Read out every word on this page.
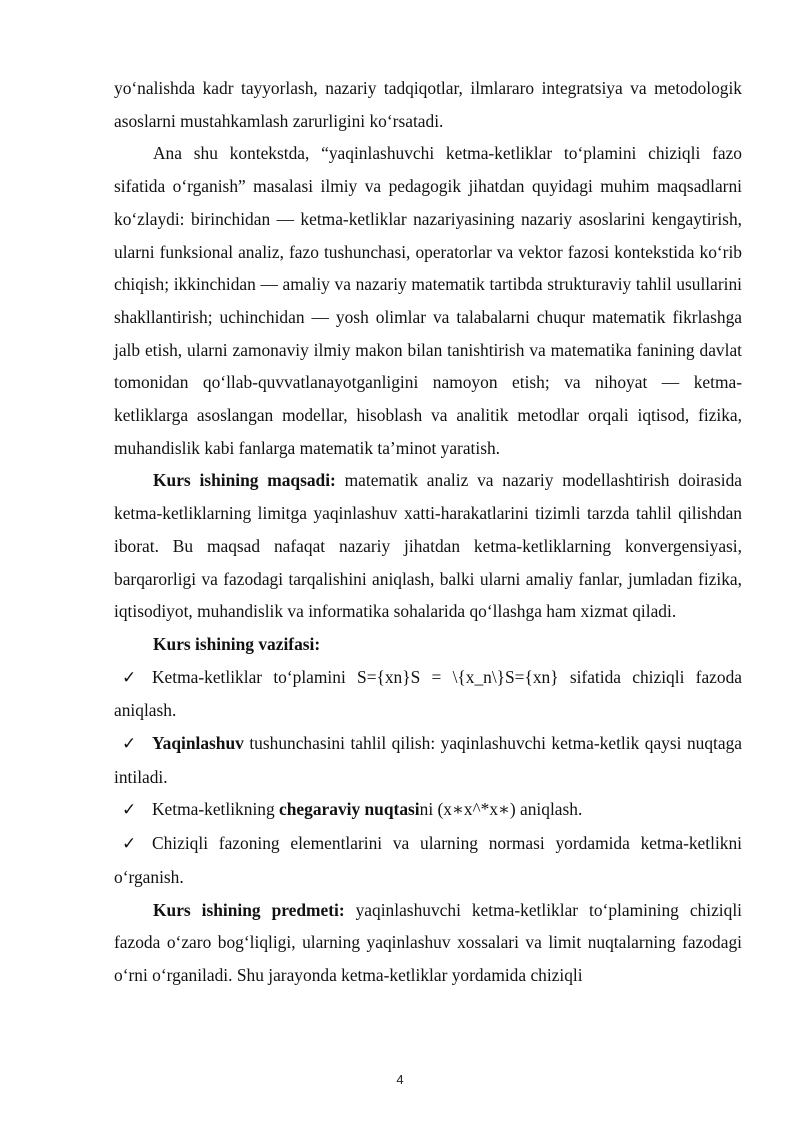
yo‘nalishda kadr tayyorlash, nazariy tadqiqotlar, ilmlararo integratsiya va metodologik asoslarni mustahkamlash zarurligini ko‘rsatadi.

Ana shu kontekstda, “yaqinlashuvchi ketma-ketliklar to‘plamini chiziqli fazo sifatida o‘rganish” masalasi ilmiy va pedagogik jihatdan quyidagi muhim maqsadlarni ko‘zlaydi: birinchidan — ketma-ketliklar nazariyasining nazariy asoslarini kengaytirish, ularni funksional analiz, fazo tushunchasi, operatorlar va vektor fazosi kontekstida ko‘rib chiqish; ikkinchidan — amaliy va nazariy matematik tartibda strukturaviy tahlil usullarini shakllantirish; uchinchidan — yosh olimlar va talabalarni chuqur matematik fikrlashga jalb etish, ularni zamonaviy ilmiy makon bilan tanishtirish va matematika fanining davlat tomonidan qo‘llab-quvvatlanayotganligini namoyon etish; va nihoyat — ketma-ketliklarga asoslangan modellar, hisoblash va analitik metodlar orqali iqtisod, fizika, muhandislik kabi fanlarga matematik ta’minot yaratish.

Kurs ishining maqsadi: matematik analiz va nazariy modellashtirish doirasida ketma-ketliklarning limitga yaqinlashuv xatti-harakatlarini tizimli tarzda tahlil qilishdan iborat. Bu maqsad nafaqat nazariy jihatdan ketma-ketliklarning konvergensiyasi, barqarorligi va fazodagi tarqalishini aniqlash, balki ularni amaliy fanlar, jumladan fizika, iqtisodiyot, muhandislik va informatika sohalarida qo‘llashga ham xizmat qiladi.

Kurs ishining vazifasi:

✓ Ketma-ketliklar to‘plamini S={xn}S = \{x_n\}S={xn} sifatida chiziqli fazoda aniqlash.

✓ Yaqinlashuv tushunchasini tahlil qilish: yaqinlashuvchi ketma-ketlik qaysi nuqtaga intiladi.

✓ Ketma-ketlikning chegaraviy nuqtasini (x∗x^*x∗) aniqlash.

✓ Chiziqli fazoning elementlarini va ularning normasi yordamida ketma-ketlikni o‘rganish.

Kurs ishining predmeti: yaqinlashuvchi ketma-ketliklar to‘plamining chiziqli fazoda o‘zaro bog‘liqligi, ularning yaqinlashuv xossalari va limit nuqtalarning fazodagi o‘rni o‘rganiladi. Shu jarayonda ketma-ketliklar yordamida chiziqli

4
